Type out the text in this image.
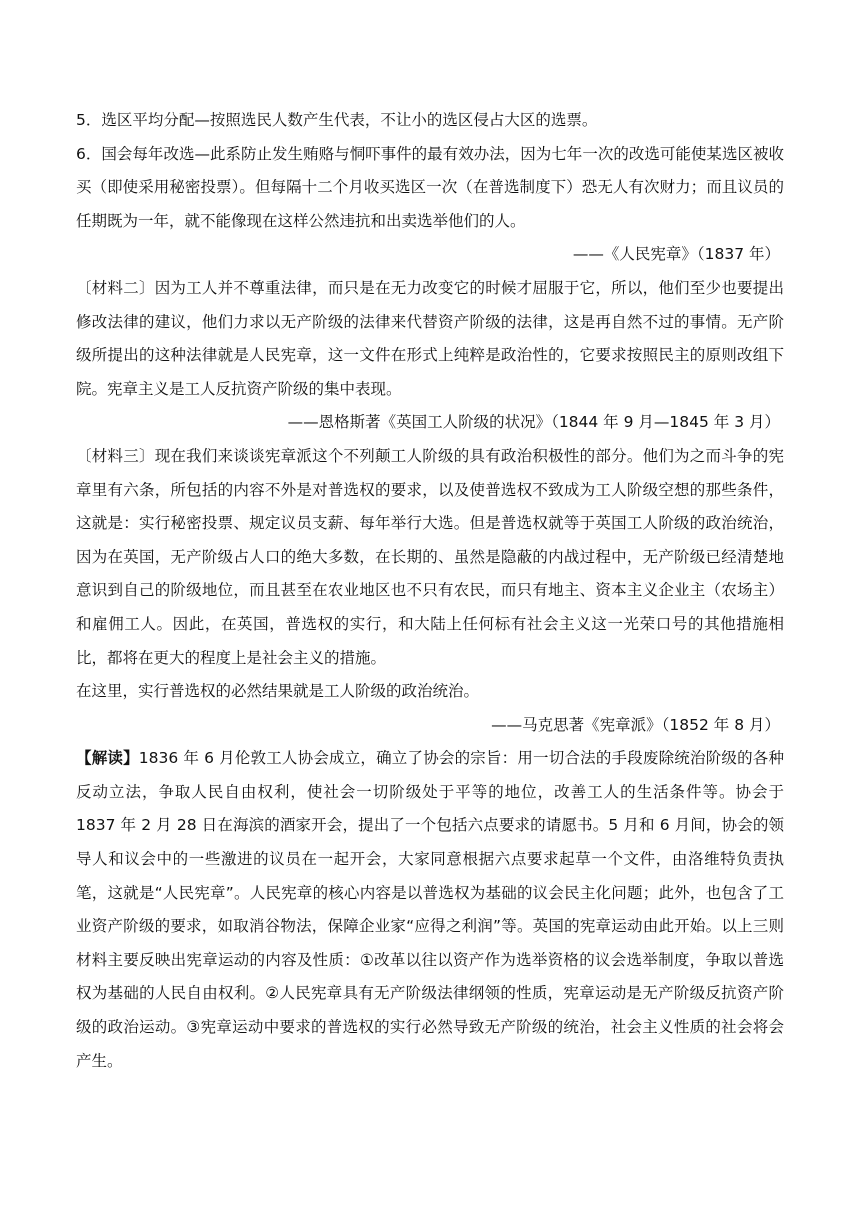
5．选区平均分配—按照选民人数产生代表，不让小的选区侵占大区的选票。

6．国会每年改选—此系防止发生贿赂与恫吓事件的最有效办法，因为七年一次的改选可能使某选区被收买（即使采用秘密投票）。但每隔十二个月收买选区一次（在普选制度下）恐无人有次财力；而且议员的任期既为一年，就不能像现在这样公然违抗和出卖选举他们的人。

——《人民宪章》（1837 年）

〔材料二〕因为工人并不尊重法律，而只是在无力改变它的时候才屈服于它，所以，他们至少也要提出修改法律的建议，他们力求以无产阶级的法律来代替资产阶级的法律，这是再自然不过的事情。无产阶级所提出的这种法律就是人民宪章，这一文件在形式上纯粹是政治性的，它要求按照民主的原则改组下院。宪章主义是工人反抗资产阶级的集中表现。

——恩格斯著《英国工人阶级的状况》（1844 年 9 月—1845 年 3 月）

〔材料三〕现在我们来谈谈宪章派这个不列颠工人阶级的具有政治积极性的部分。他们为之而斗争的宪章里有六条，所包括的内容不外是对普选权的要求，以及使普选权不致成为工人阶级空想的那些条件，这就是：实行秘密投票、规定议员支薪、每年举行大选。但是普选权就等于英国工人阶级的政治统治，因为在英国，无产阶级占人口的绝大多数，在长期的、虽然是隐蔽的内战过程中，无产阶级已经清楚地意识到自己的阶级地位，而且甚至在农业地区也不只有农民，而只有地主、资本主义企业主（农场主）和雇佣工人。因此，在英国，普选权的实行，和大陆上任何标有社会主义这一光荣口号的其他措施相比，都将在更大的程度上是社会主义的措施。

在这里，实行普选权的必然结果就是工人阶级的政治统治。

——马克思著《宪章派》（1852 年 8 月）

【解读】1836 年 6 月伦敦工人协会成立，确立了协会的宗旨：用一切合法的手段废除统治阶级的各种反动立法，争取人民自由权利，使社会一切阶级处于平等的地位，改善工人的生活条件等。协会于 1837 年 2 月 28 日在海滨的酒家开会，提出了一个包括六点要求的请愿书。5 月和 6 月间，协会的领导人和议会中的一些激进的议员在一起开会，大家同意根据六点要求起草一个文件，由洛维特负责执笔，这就是“人民宪章”。人民宪章的核心内容是以普选权为基础的议会民主化问题；此外，也包含了工业资产阶级的要求，如取消谷物法，保障企业家“应得之利润”等。英国的宪章运动由此开始。以上三则材料主要反映出宪章运动的内容及性质：①改革以往以资产作为选举资格的议会选举制度，争取以普选权为基础的人民自由权利。②人民宪章具有无产阶级法律纲领的性质，宪章运动是无产阶级反抗资产阶级的政治运动。③宪章运动中要求的普选权的实行必然导致无产阶级的统治，社会主义性质的社会将会产生。
